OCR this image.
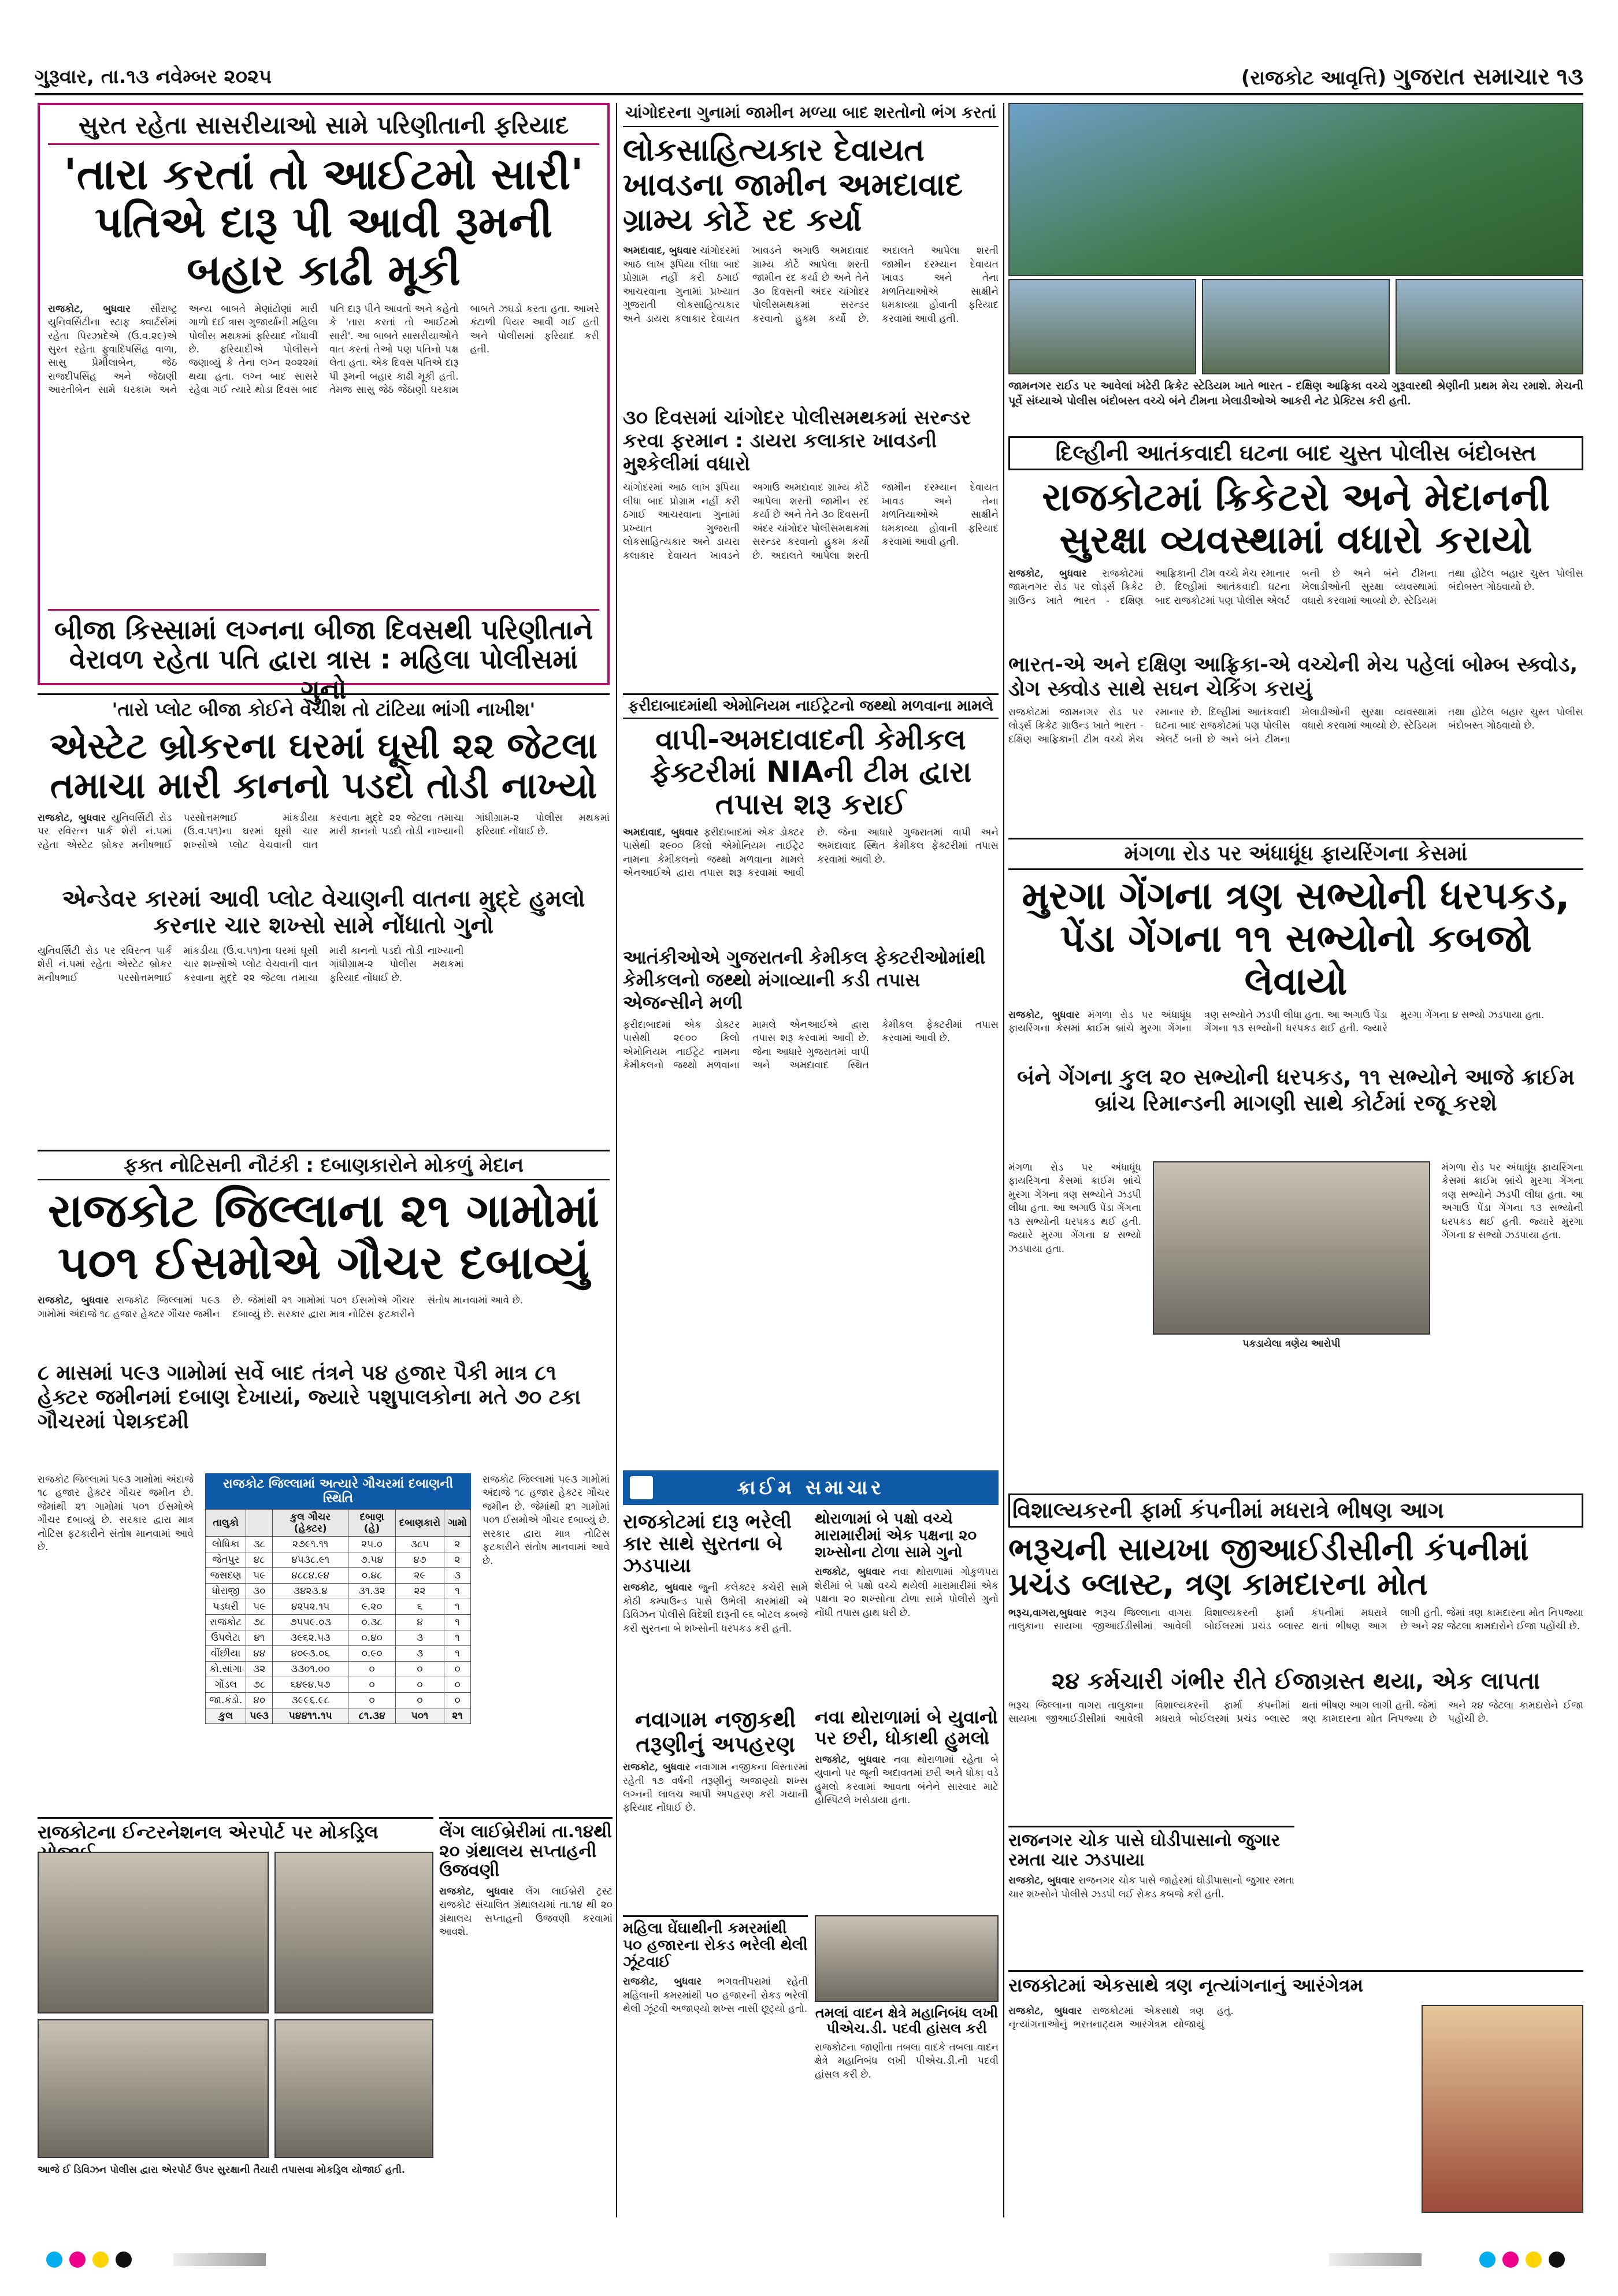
ગુરૂવાર, તા.૧૩ નવેમ્બર ૨૦૨૫	(રાજકોટ આવૃત્તિ) ગુજરાત સમાચાર ૧૩
સુરત રહેતા સાસરીયાઓ સામે પરિણીતાની ફરિયાદ
'તારા કરતાં તો આઈટમો સારી' પતિએ દારૂ પી આવી રૂમની બહાર કાઢી મૂકી
રાજકોટ, બુધવાર સૌરાષ્ટ્ર યુનિવર્સિટીના સ્ટાફ ક્વાર્ટર્સમાં રહેતા પિરઝાદેએ (ઉ.વ.૨૯)એ સુરત રહેતા ફુવાદિપસિંહ વાળા, સાસુ પ્રેમીલાબેન, જેઠ રાજદીપસિંહ અને જેઠાણી આરતીબેન સામે ઘરકામ અને અન્ય બાબતે મેણાંટોણાં મારી ગાળો દઈ ત્રાસ ગુજાર્યાની મહિલા પોલીસ મથકમાં ફરિયાદ નોંધાવી છે. ફરિયાદીએ પોલીસને જણાવ્યું કે તેના લગ્ન ૨૦૨૨માં થયા હતા. લગ્ન બાદ સાસરે રહેવા ગઈ ત્યારે થોડા દિવસ બાદ પતિ દારૂ પીને આવતો અને કહેતો કે 'તારા કરતાં તો આઈટમો સારી'. આ બાબતે સાસરીયાઓને વાત કરતાં તેઓ પણ પતિનો પક્ષ લેતા હતા. એક દિવસ પતિએ દારૂ પી રૂમની બહાર કાઢી મૂકી હતી. તેમજ સાસુ જેઠ જેઠાણી ઘરકામ બાબતે ઝઘડો કરતા હતા. આખરે કંટાળી પિયર આવી ગઈ હતી અને પોલીસમાં ફરિયાદ કરી હતી.
બીજા કિસ્સામાં લગ્નના બીજા દિવસથી પરિણીતાને વેરાવળ રહેતા પતિ દ્વારા ત્રાસ : મહિલા પોલીસમાં ગુનો
ચાંગોદરના ગુનામાં જામીન મળ્યા બાદ શરતોનો ભંગ કરતાં
લોકસાહિત્યકાર દેવાયત ખાવડના જામીન અમદાવાદ ગ્રામ્ય કોર્ટે રદ કર્યા
અમદાવાદ, બુધવાર ચાંગોદરમાં આઠ લાખ રૂપિયા લીધા બાદ પ્રોગ્રામ નહીં કરી ઠગાઈ આચરવાના ગુનામાં પ્રખ્યાત ગુજરાતી લોકસાહિત્યકાર અને ડાયરા કલાકાર દેવાયત ખાવડને અગાઉ અમદાવાદ ગ્રામ્ય કોર્ટે આપેલા શરતી જામીન રદ કર્યા છે અને તેને ૩૦ દિવસની અંદર ચાંગોદર પોલીસમથકમાં સરન્ડર કરવાનો હુકમ કર્યો છે. અદાલતે આપેલા શરતી જામીન દરમ્યાન દેવાયત ખાવડ અને તેના મળતિયાઓએ સાક્ષીને ધમકાવ્યા હોવાની ફરિયાદ કરવામાં આવી હતી.
૩૦ દિવસમાં ચાંગોદર પોલીસમથકમાં સરન્ડર કરવા ફરમાન : ડાયરા કલાકાર ખાવડની મુશ્કેલીમાં વધારો
ચાંગોદરમાં આઠ લાખ રૂપિયા લીધા બાદ પ્રોગ્રામ નહીં કરી ઠગાઈ આચરવાના ગુનામાં પ્રખ્યાત ગુજરાતી લોકસાહિત્યકાર અને ડાયરા કલાકાર દેવાયત ખાવડને અગાઉ અમદાવાદ ગ્રામ્ય કોર્ટે આપેલા શરતી જામીન રદ કર્યા છે અને તેને ૩૦ દિવસની અંદર ચાંગોદર પોલીસમથકમાં સરન્ડર કરવાનો હુકમ કર્યો છે. અદાલતે આપેલા શરતી જામીન દરમ્યાન દેવાયત ખાવડ અને તેના મળતિયાઓએ સાક્ષીને ધમકાવ્યા હોવાની ફરિયાદ કરવામાં આવી હતી.
જામનગર રાઈડ પર આવેલાં ખંઢેરી ક્રિકેટ સ્ટેડિયમ ખાતે ભારત - દક્ષિણ આફ્રિકા વચ્ચે ગુરૂવારથી શ્રેણીની પ્રથમ મેચ રમાશે. મેચની પૂર્વે સંધ્યાએ પોલીસ બંદોબસ્ત વચ્ચે બંને ટીમના ખેલાડીઓએ આકરી નેટ પ્રેક્ટિસ કરી હતી.
દિલ્હીની આતંકવાદી ઘટના બાદ ચુસ્ત પોલીસ બંદોબસ્ત
રાજકોટમાં ક્રિકેટરો અને મેદાનની સુરક્ષા વ્યવસ્થામાં વધારો કરાયો
રાજકોટ, બુધવાર રાજકોટમાં જામનગર રોડ પર લોર્ડ્સ ક્રિકેટ ગ્રાઉન્ડ ખાતે ભારત - દક્ષિણ આફ્રિકાની ટીમ વચ્ચે મેચ રમાનાર છે. દિલ્હીમાં આતંકવાદી ઘટના બાદ રાજકોટમાં પણ પોલીસ એલર્ટ બની છે અને બંને ટીમના ખેલાડીઓની સુરક્ષા વ્યવસ્થામાં વધારો કરવામાં આવ્યો છે. સ્ટેડિયમ તથા હોટેલ બહાર ચુસ્ત પોલીસ બંદોબસ્ત ગોઠવાયો છે.
ભારત-એ અને દક્ષિણ આફ્રિકા-એ વચ્ચેની મેચ પહેલાં બોમ્બ સ્ક્વોડ, ડોગ સ્ક્વોડ સાથે સઘન ચેકિંગ કરાયું
રાજકોટમાં જામનગર રોડ પર લોર્ડ્સ ક્રિકેટ ગ્રાઉન્ડ ખાતે ભારત - દક્ષિણ આફ્રિકાની ટીમ વચ્ચે મેચ રમાનાર છે. દિલ્હીમાં આતંકવાદી ઘટના બાદ રાજકોટમાં પણ પોલીસ એલર્ટ બની છે અને બંને ટીમના ખેલાડીઓની સુરક્ષા વ્યવસ્થામાં વધારો કરવામાં આવ્યો છે. સ્ટેડિયમ તથા હોટેલ બહાર ચુસ્ત પોલીસ બંદોબસ્ત ગોઠવાયો છે.
'તારો પ્લોટ બીજા કોઈને વેચીશ તો ટાંટિયા ભાંગી નાખીશ'
એસ્ટેટ બ્રોકરના ઘરમાં ઘૂસી ૨૨ જેટલા તમાચા મારી કાનનો પડદો તોડી નાખ્યો
રાજકોટ, બુધવાર યુનિવર્સિટી રોડ પર રવિરત્ન પાર્ક શેરી નં.૫માં રહેતા એસ્ટેટ બ્રોકર મનીષભાઈ પરસોત્તમભાઈ માંકડીયા (ઉ.વ.૫૧)ના ઘરમાં ઘૂસી ચાર શખ્સોએ પ્લોટ વેચવાની વાત કરવાના મુદ્દે ૨૨ જેટલા તમાચા મારી કાનનો પડદો તોડી નાખ્યાની ગાંધીગ્રામ-૨ પોલીસ મથકમાં ફરિયાદ નોંધાઈ છે.
એન્ડેવર કારમાં આવી પ્લોટ વેચાણની વાતના મુદ્દે હુમલો કરનાર ચાર શખ્સો સામે નોંધાતો ગુનો
યુનિવર્સિટી રોડ પર રવિરત્ન પાર્ક શેરી નં.૫માં રહેતા એસ્ટેટ બ્રોકર મનીષભાઈ પરસોત્તમભાઈ માંકડીયા (ઉ.વ.૫૧)ના ઘરમાં ઘૂસી ચાર શખ્સોએ પ્લોટ વેચવાની વાત કરવાના મુદ્દે ૨૨ જેટલા તમાચા મારી કાનનો પડદો તોડી નાખ્યાની ગાંધીગ્રામ-૨ પોલીસ મથકમાં ફરિયાદ નોંધાઈ છે.
ફરીદાબાદમાંથી એમોનિયમ નાઈટ્રેટનો જથ્થો મળવાના મામલે
વાપી-અમદાવાદની કેમીકલ ફેક્ટરીમાં NIAની ટીમ દ્વારા તપાસ શરૂ કરાઈ
અમદાવાદ, બુધવાર ફરીદાબાદમાં એક ડોક્ટર પાસેથી ૨૯૦૦ કિલો એમોનિયમ નાઈટ્રેટ નામના કેમીકલનો જથ્થો મળવાના મામલે એનઆઈએ દ્વારા તપાસ શરૂ કરવામાં આવી છે. જેના આધારે ગુજરાતમાં વાપી અને અમદાવાદ સ્થિત કેમીકલ ફેક્ટરીમાં તપાસ કરવામાં આવી છે.
આતંકીઓએ ગુજરાતની કેમીકલ ફેક્ટરીઓમાંથી કેમીકલનો જથ્થો મંગાવ્યાની કડી તપાસ એજન્સીને મળી
ફરીદાબાદમાં એક ડોક્ટર પાસેથી ૨૯૦૦ કિલો એમોનિયમ નાઈટ્રેટ નામના કેમીકલનો જથ્થો મળવાના મામલે એનઆઈએ દ્વારા તપાસ શરૂ કરવામાં આવી છે. જેના આધારે ગુજરાતમાં વાપી અને અમદાવાદ સ્થિત કેમીકલ ફેક્ટરીમાં તપાસ કરવામાં આવી છે.
મંગળા રોડ પર અંધાધૂંધ ફાયરિંગના કેસમાં
મુરગા ગેંગના ત્રણ સભ્યોની ધરપકડ, પેંડા ગેંગના ૧૧ સભ્યોનો કબજો લેવાયો
રાજકોટ, બુધવાર મંગળા રોડ પર અંધાધૂંધ ફાયરિંગના કેસમાં ક્રાઈમ બ્રાંચે મુરગા ગેંગના ત્રણ સભ્યોને ઝડપી લીધા હતા. આ અગાઉ પેંડા ગેંગના ૧૩ સભ્યોની ધરપકડ થઈ હતી. જ્યારે મુરગા ગેંગના ૪ સભ્યો ઝડપાયા હતા.
બંને ગેંગના કુલ ૨૦ સભ્યોની ધરપકડ, ૧૧ સભ્યોને આજે ક્રાઈમ બ્રાંચ રિમાન્ડની માગણી સાથે કોર્ટમાં રજૂ કરશે
મંગળા રોડ પર અંધાધૂંધ ફાયરિંગના કેસમાં ક્રાઈમ બ્રાંચે મુરગા ગેંગના ત્રણ સભ્યોને ઝડપી લીધા હતા. આ અગાઉ પેંડા ગેંગના ૧૩ સભ્યોની ધરપકડ થઈ હતી. જ્યારે મુરગા ગેંગના ૪ સભ્યો ઝડપાયા હતા.
પકડાયેલા ત્રણેય આરોપી
મંગળા રોડ પર અંધાધૂંધ ફાયરિંગના કેસમાં ક્રાઈમ બ્રાંચે મુરગા ગેંગના ત્રણ સભ્યોને ઝડપી લીધા હતા. આ અગાઉ પેંડા ગેંગના ૧૩ સભ્યોની ધરપકડ થઈ હતી. જ્યારે મુરગા ગેંગના ૪ સભ્યો ઝડપાયા હતા.
ફક્ત નોટિસની નૌટંકી : દબાણકારોને મોકળું મેદાન
રાજકોટ જિલ્લાના ૨૧ ગામોમાં ૫૦૧ ઈસમોએ ગૌચર દબાવ્યું
રાજકોટ, બુધવાર રાજકોટ જિલ્લામાં ૫૯૩ ગામોમાં અંદાજે ૧૮ હજાર હેક્ટર ગૌચર જમીન છે. જેમાંથી ૨૧ ગામોમાં ૫૦૧ ઈસમોએ ગૌચર દબાવ્યું છે. સરકાર દ્વારા માત્ર નોટિસ ફટકારીને સંતોષ માનવામાં આવે છે.
૮ માસમાં ૫૯૩ ગામોમાં સર્વે બાદ તંત્રને ૫૪ હજાર પૈકી માત્ર ૮૧ હેક્ટર જમીનમાં દબાણ દેખાયાં, જ્યારે પશુપાલકોના મતે ૭૦ ટકા ગૌચરમાં પેશકદમી
રાજકોટ જિલ્લામાં ૫૯૩ ગામોમાં અંદાજે ૧૮ હજાર હેક્ટર ગૌચર જમીન છે. જેમાંથી ૨૧ ગામોમાં ૫૦૧ ઈસમોએ ગૌચર દબાવ્યું છે. સરકાર દ્વારા માત્ર નોટિસ ફટકારીને સંતોષ માનવામાં આવે છે.
રાજકોટ જિલ્લામાં અત્યારે ગૌચરમાં દબાણની સ્થિતિ
તાલુકો		કુલ ગૌચર (હેક્ટર)	દબાણ (હે)	દબાણકારો	ગામો
લોધિકા	૩૮	૨૭૯૧.૧૧	૨૫.૦	૩૮૫	૨
જેતપુર	૪૮	૪૫૩૮.૯૧	૭.૫૪	૪૭	૨
જસદણ	૫૯	૪૮૮૪.૯૪	૦.૪૮	૨૯	૩
ધોરાજી	૩૦	૩૪૨૩.૪	૩૧.૩૨	૨૨	૧
પડધરી	૫૯	૪૨૫૨.૧૫	૯.૨૦	૬	૧
રાજકોટ	૭૮	૭૫૫૯.૦૩	૦.૩૮	૪	૧
ઉપલેટા	૪૧	૩૯૬૨.૫૩	૦.૪૦	૩	૧
વીંછીયા	૪૪	૪૦૯૩.૦૬	૦.૯૦	૩	૧
કો.સાંગા	૩૨	૩૩૦૧.૦૦	૦	૦	૦
ગોંડલ	૭૮	૬૪૯૪.૫૭	૦	૦	૦
જા.કંડો.	૪૦	૩૯૯૬.૯૮	૦	૦	૦
કુલ	૫૯૩	૫૪૪૧૧.૧૫	૮૧.૩૪	૫૦૧	૨૧
રાજકોટ જિલ્લામાં ૫૯૩ ગામોમાં અંદાજે ૧૮ હજાર હેક્ટર ગૌચર જમીન છે. જેમાંથી ૨૧ ગામોમાં ૫૦૧ ઈસમોએ ગૌચર દબાવ્યું છે. સરકાર દ્વારા માત્ર નોટિસ ફટકારીને સંતોષ માનવામાં આવે છે.
ક્રાઈમ સમાચાર
રાજકોટમાં દારૂ ભરેલી કાર સાથે સુરતના બે ઝડપાયા
રાજકોટ, બુધવાર જુની કલેક્ટર કચેરી સામે કોઠી કમ્પાઉન્ડ પાસે ઉભેલી કારમાંથી એ ડિવિઝન પોલીસે વિદેશી દારૂની ૯૬ બોટલ કબજે કરી સુરતના બે શખ્સોની ધરપકડ કરી હતી.
નવાગામ નજીકથી તરૂણીનું અપહરણ
રાજકોટ, બુધવાર નવાગામ નજીકના વિસ્તારમાં રહેતી ૧૭ વર્ષની તરૂણીનું અજાણ્યો શખ્સ લગ્નની લાલચ આપી અપહરણ કરી ગયાની ફરિયાદ નોંધાઈ છે.
થોરાળામાં બે પક્ષો વચ્ચે મારામારીમાં એક પક્ષના ૨૦ શખ્સોના ટોળા સામે ગુનો
રાજકોટ, બુધવાર નવા થોરાળામાં ગોકુળપરા શેરીમાં બે પક્ષો વચ્ચે થયેલી મારામારીમાં એક પક્ષના ૨૦ શખ્સોના ટોળા સામે પોલીસે ગુનો નોંધી તપાસ હાથ ધરી છે.
નવા થોરાળામાં બે યુવાનો પર છરી, ધોકાથી હુમલો
રાજકોટ, બુધવાર નવા થોરાળામાં રહેતા બે યુવાનો પર જૂની અદાવતમાં છરી અને ધોકા વડે હુમલો કરવામાં આવતા બંનેને સારવાર માટે હોસ્પિટલે ખસેડાયા હતા.
વિશાલ્યકરની ફાર્મા કંપનીમાં મધરાત્રે ભીષણ આગ
ભરૂચની સાયખા જીઆઈડીસીની કંપનીમાં પ્રચંડ બ્લાસ્ટ, ત્રણ કામદારના મોત
ભરૂચ,વાગરા,બુધવાર ભરૂચ જિલ્લાના વાગરા તાલુકાના સાયખા જીઆઈડીસીમાં આવેલી વિશાલ્યકરની ફાર્મા કંપનીમાં મધરાત્રે બોઈલરમાં પ્રચંડ બ્લાસ્ટ થતાં ભીષણ આગ લાગી હતી. જેમાં ત્રણ કામદારના મોત નિપજ્યા છે અને ૨૪ જેટલા કામદારોને ઈજા પહોંચી છે.
૨૪ કર્મચારી ગંભીર રીતે ઈજાગ્રસ્ત થયા, એક લાપતા
ભરૂચ જિલ્લાના વાગરા તાલુકાના સાયખા જીઆઈડીસીમાં આવેલી વિશાલ્યકરની ફાર્મા કંપનીમાં મધરાત્રે બોઈલરમાં પ્રચંડ બ્લાસ્ટ થતાં ભીષણ આગ લાગી હતી. જેમાં ત્રણ કામદારના મોત નિપજ્યા છે અને ૨૪ જેટલા કામદારોને ઈજા પહોંચી છે.
રાજકોટના ઈન્ટરનેશનલ એરપોર્ટ પર મોકડ્રિલ
આજે ઈ ડિવિઝન પોલીસ દ્વારા એરપોર્ટ ઉપર સુરક્ષાની તૈયારી તપાસવા મોકડ્રિલ યોજાઈ હતી.
લેંગ લાઈબ્રેરીમાં તા.૧૪થી ૨૦ ગ્રંથાલય સપ્તાહની ઉજવણી
રાજકોટ, બુધવાર લેંગ લાઈબ્રેરી ટ્રસ્ટ રાજકોટ સંચાલિત ગ્રંથાલયમાં તા.૧૪ થી ૨૦ ગ્રંથાલય સપ્તાહની ઉજવણી કરવામાં આવશે.	મહિલા ઘેંઘાથીની કમરમાંથી ૫૦ હજારના રોકડ ભરેલી થેલી ઝૂંટવાઈ
રાજકોટ, બુધવાર ભગવતીપરામાં રહેતી મહિલાની કમરમાંથી ૫૦ હજારની રોકડ ભરેલી થેલી ઝૂંટવી અજાણ્યો શખ્સ નાસી છૂટ્યો હતો.
રાજનગર ચોક પાસે ઘોડીપાસાનો જુગાર રમતા ચાર ઝડપાયા
રાજકોટ, બુધવાર રાજનગર ચોક પાસે જાહેરમાં ઘોડીપાસાનો જુગાર રમતા ચાર શખ્સોને પોલીસે ઝડપી લઈ રોકડ કબજે કરી હતી.
તમલાં વાદન ક્ષેત્રે મહાનિબંધ લખી પીએચ.ડી. પદવી હાંસલ કરી
રાજકોટના જાણીતા તબલા વાદકે તબલા વાદન ક્ષેત્રે મહાનિબંધ લખી પીએચ.ડી.ની પદવી હાંસલ કરી છે.
રાજકોટમાં એકસાથે ત્રણ નૃત્યાંગનાનું આરંગેત્રમ
રાજકોટ, બુધવાર રાજકોટમાં એકસાથે ત્રણ નૃત્યાંગનાઓનું ભરતનાટ્યમ આરંગેત્રમ યોજાયું હતું.
